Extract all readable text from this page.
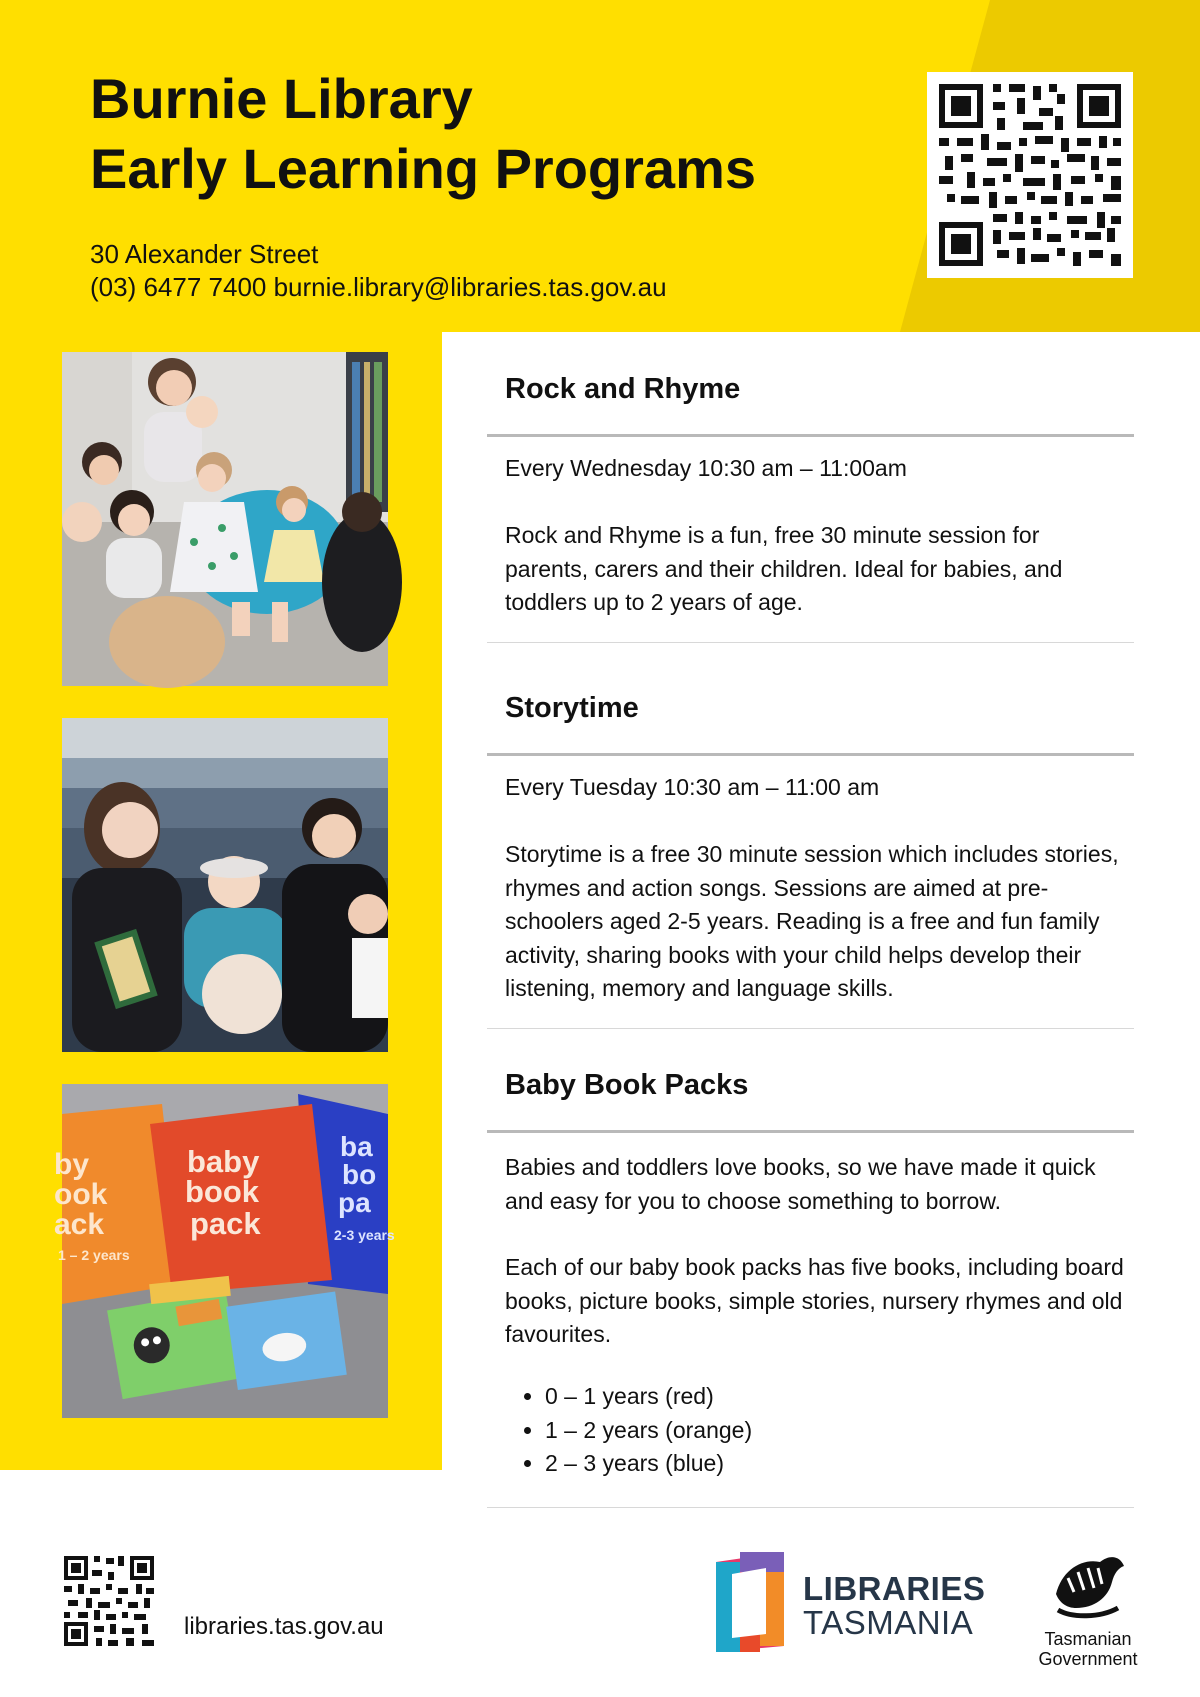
Burnie Library
Early Learning Programs
30 Alexander Street
(03) 6477 7400 burnie.library@libraries.tas.gov.au
by
ook
ack
1 – 2 years
baby
book
pack
ba
bo
pa
2-3 years
Rock and Rhyme

Every Wednesday 10:30 am – 11:00am

Rock and Rhyme is a fun, free 30 minute session for parents, carers and their children. Ideal for babies, and toddlers up to 2 years of age.

Storytime

Every Tuesday 10:30 am – 11:00 am

Storytime is a free 30 minute session which includes stories, rhymes and action songs. Sessions are aimed at pre-schoolers aged 2-5 years. Reading is a free and fun family activity, sharing books with your child helps develop their listening, memory and language skills.

Baby Book Packs

Babies and toddlers love books, so we have made it quick and easy for you to choose something to borrow.

Each of our baby book packs has five books, including board books, picture books, simple stories, nursery rhymes and old favourites.

• 0 – 1 years (red)
• 1 – 2 years (orange)
• 2 – 3 years (blue)
libraries.tas.gov.au
LIBRARIES
TASMANIA	Tasmanian
Government
